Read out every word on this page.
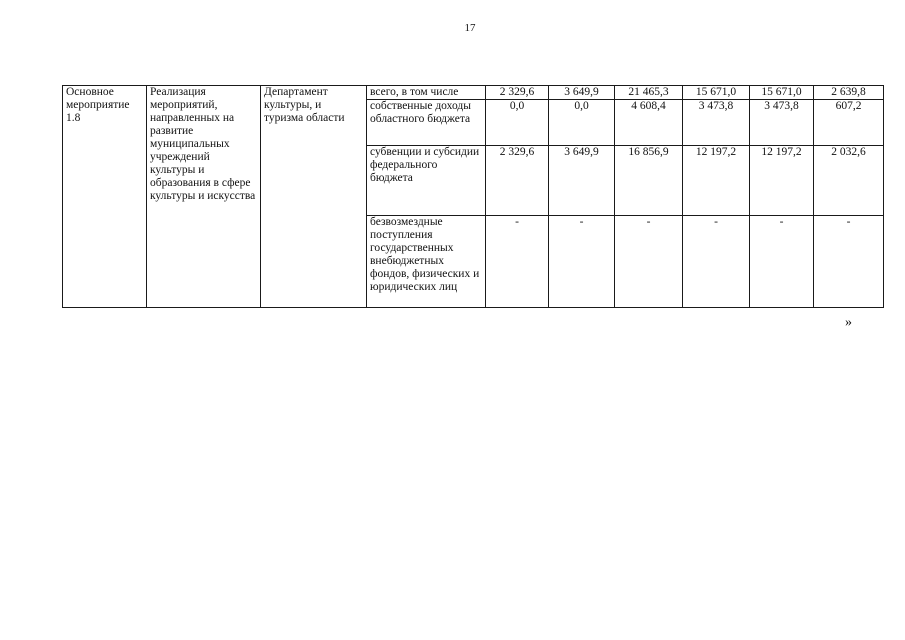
17
Основное мероприятие 1.8	Реализация мероприятий, направленных на развитие муниципальных учреждений культуры и образования в сфере культуры и искусства	Департамент культуры, и туризма области	всего, в том числе	2 329,6	3 649,9	21 465,3	15 671,0	15 671,0	2 639,8
			собственные доходы областного бюджета	0,0	0,0	4 608,4	3 473,8	3 473,8	607,2
			субвенции и субсидии федерального бюджета	2 329,6	3 649,9	16 856,9	12 197,2	12 197,2	2 032,6
			безвозмездные поступления государственных внебюджетных фондов, физических и юридических лиц	-	-	-	-	-	-
»
